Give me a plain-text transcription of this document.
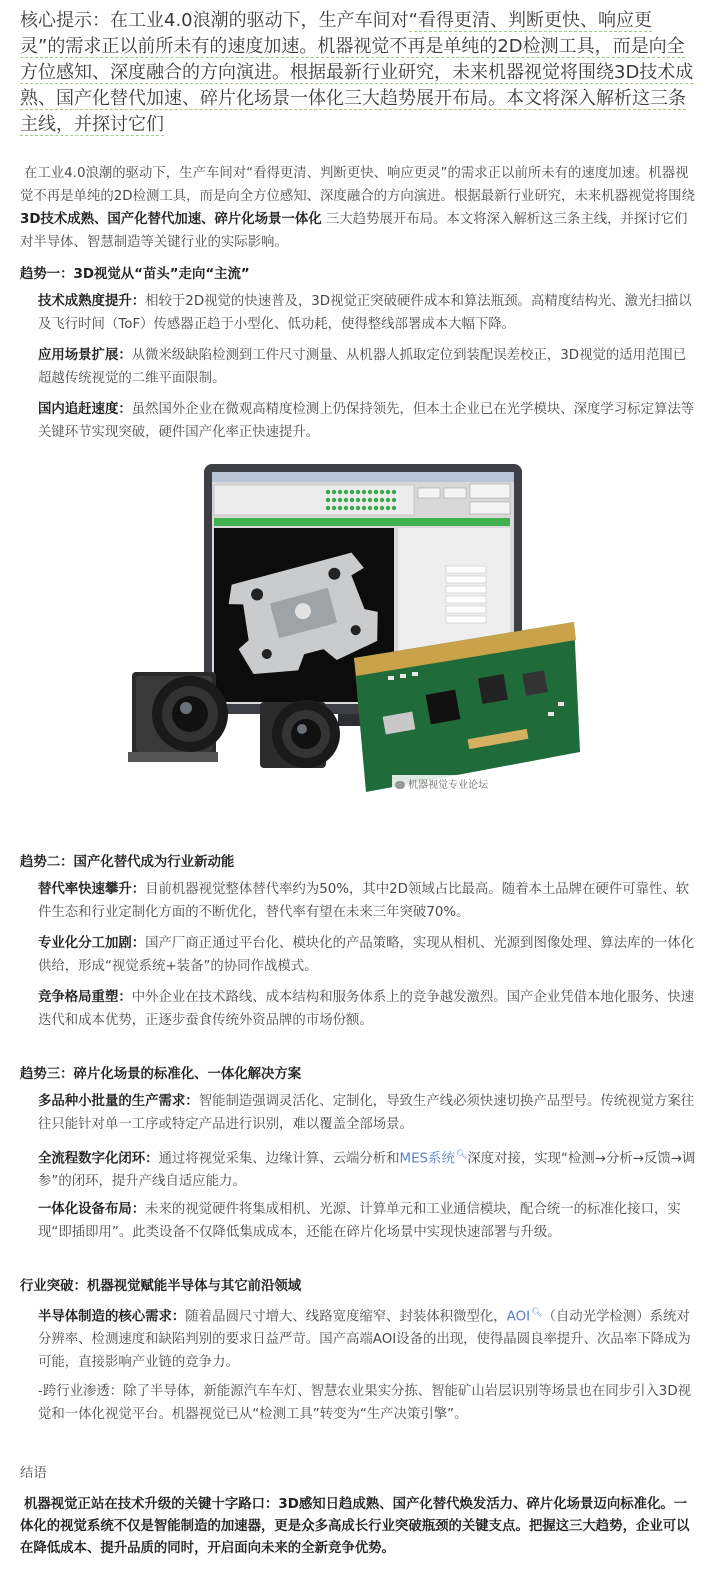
核心提示：在工业4.0浪潮的驱动下，生产车间对“看得更清、判断更快、响应更灵”的需求正以前所未有的速度加速。机器视觉不再是单纯的2D检测工具，而是向全方位感知、深度融合的方向演进。根据最新行业研究，未来机器视觉将围绕3D技术成熟、国产化替代加速、碎片化场景一体化三大趋势展开布局。本文将深入解析这三条主线，并探讨它们
在工业4.0浪潮的驱动下，生产车间对“看得更清、判断更快、响应更灵”的需求正以前所未有的速度加速。机器视觉不再是单纯的2D检测工具，而是向全方位感知、深度融合的方向演进。根据最新行业研究，未来机器视觉将围绕 3D技术成熟、国产化替代加速、碎片化场景一体化 三大趋势展开布局。本文将深入解析这三条主线，并探讨它们对半导体、智慧制造等关键行业的实际影响。
趋势一：3D视觉从“苗头”走向“主流”
技术成熟度提升：相较于2D视觉的快速普及，3D视觉正突破硬件成本和算法瓶颈。高精度结构光、激光扫描以及飞行时间（ToF）传感器正趋于小型化、低功耗，使得整线部署成本大幅下降。
应用场景扩展：从微米级缺陷检测到工件尺寸测量、从机器人抓取定位到装配误差校正，3D视觉的适用范围已超越传统视觉的二维平面限制。
国内追赶速度：虽然国外企业在微观高精度检测上仍保持领先，但本土企业已在光学模块、深度学习标定算法等关键环节实现突破，硬件国产化率正快速提升。
机器视觉专业论坛
趋势二：国产化替代成为行业新动能
替代率快速攀升：目前机器视觉整体替代率约为50%，其中2D领域占比最高。随着本土品牌在硬件可靠性、软件生态和行业定制化方面的不断优化，替代率有望在未来三年突破70%。
专业化分工加剧：国产厂商正通过平台化、模块化的产品策略，实现从相机、光源到图像处理、算法库的一体化供给，形成“视觉系统+装备”的协同作战模式。
竞争格局重塑：中外企业在技术路线、成本结构和服务体系上的竞争越发激烈。国产企业凭借本地化服务、快速迭代和成本优势，正逐步蚕食传统外资品牌的市场份额。
趋势三：碎片化场景的标准化、一体化解决方案
多品种小批量的生产需求：智能制造强调灵活化、定制化，导致生产线必须快速切换产品型号。传统视觉方案往往只能针对单一工序或特定产品进行识别，难以覆盖全部场景。
全流程数字化闭环：通过将视觉采集、边缘计算、云端分析和MES系统🔍︎深度对接，实现“检测→分析→反馈→调参”的闭环，提升产线自适应能力。
一体化设备布局：未来的视觉硬件将集成相机、光源、计算单元和工业通信模块，配合统一的标准化接口，实现“即插即用”。此类设备不仅降低集成成本，还能在碎片化场景中实现快速部署与升级。
行业突破：机器视觉赋能半导体与其它前沿领域
半导体制造的核心需求：随着晶圆尺寸增大、线路宽度缩窄、封装体积微型化，AOI🔍︎（自动光学检测）系统对分辨率、检测速度和缺陷判别的要求日益严苛。国产高端AOI设备的出现，使得晶圆良率提升、次品率下降成为可能，直接影响产业链的竞争力。
-跨行业渗透：除了半导体，新能源汽车车灯、智慧农业果实分拣、智能矿山岩层识别等场景也在同步引入3D视觉和一体化视觉平台。机器视觉已从“检测工具”转变为“生产决策引擎”。
结语
机器视觉正站在技术升级的关键十字路口：3D感知日趋成熟、国产化替代焕发活力、碎片化场景迈向标准化。一体化的视觉系统不仅是智能制造的加速器，更是众多高成长行业突破瓶颈的关键支点。把握这三大趋势，企业可以在降低成本、提升品质的同时，开启面向未来的全新竞争优势。
